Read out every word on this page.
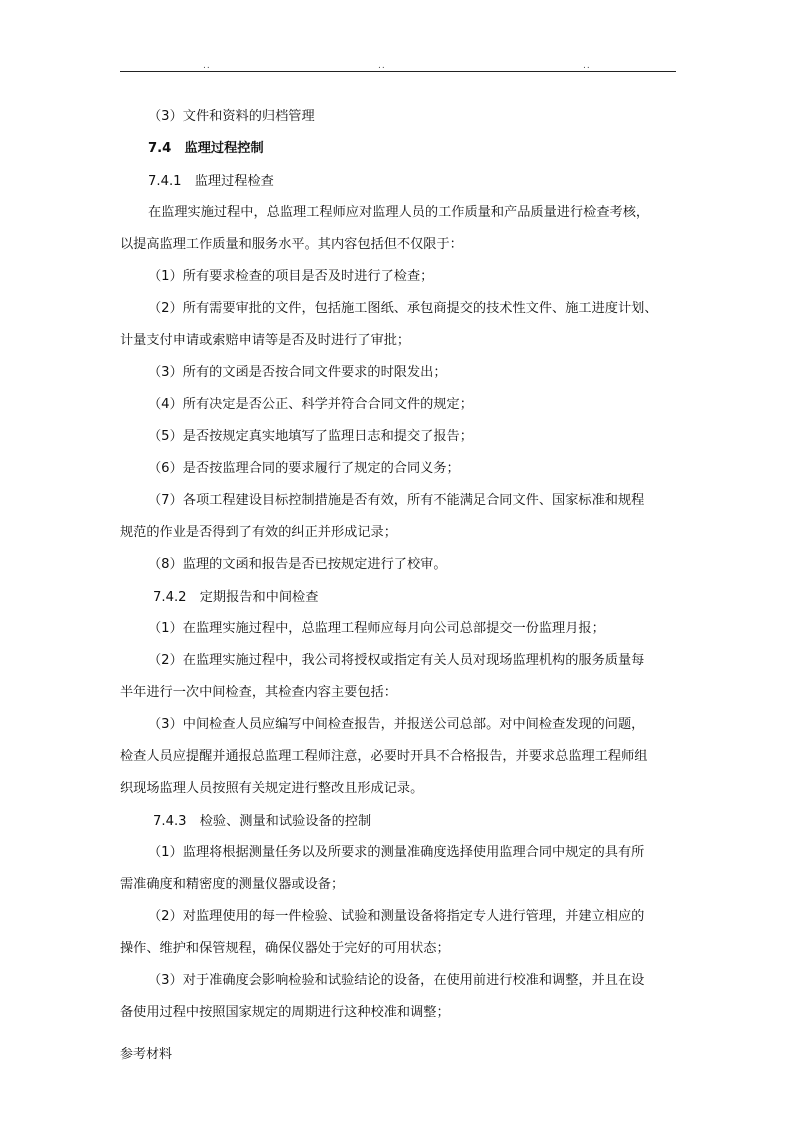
..	..	..
（3）文件和资料的归档管理
7.4　监理过程控制
7.4.1　监理过程检查
在监理实施过程中，总监理工程师应对监理人员的工作质量和产品质量进行检查考核，
以提高监理工作质量和服务水平。其内容包括但不仅限于：
（1）所有要求检查的项目是否及时进行了检查；
（2）所有需要审批的文件，包括施工图纸、承包商提交的技术性文件、施工进度计划、
计量支付申请或索赔申请等是否及时进行了审批；
（3）所有的文函是否按合同文件要求的时限发出；
（4）所有决定是否公正、科学并符合合同文件的规定；
（5）是否按规定真实地填写了监理日志和提交了报告；
（6）是否按监理合同的要求履行了规定的合同义务；
（7）各项工程建设目标控制措施是否有效，所有不能满足合同文件、国家标准和规程
规范的作业是否得到了有效的纠正并形成记录；
（8）监理的文函和报告是否已按规定进行了校审。
7.4.2　定期报告和中间检查
（1）在监理实施过程中，总监理工程师应每月向公司总部提交一份监理月报；
（2）在监理实施过程中，我公司将授权或指定有关人员对现场监理机构的服务质量每
半年进行一次中间检查，其检查内容主要包括：
（3）中间检查人员应编写中间检查报告，并报送公司总部。对中间检查发现的问题，
检查人员应提醒并通报总监理工程师注意，必要时开具不合格报告，并要求总监理工程师组
织现场监理人员按照有关规定进行整改且形成记录。
7.4.3　检验、测量和试验设备的控制
（1）监理将根据测量任务以及所要求的测量准确度选择使用监理合同中规定的具有所
需准确度和精密度的测量仪器或设备；
（2）对监理使用的每一件检验、试验和测量设备将指定专人进行管理，并建立相应的
操作、维护和保管规程，确保仪器处于完好的可用状态；
（3）对于准确度会影响检验和试验结论的设备，在使用前进行校准和调整，并且在设
备使用过程中按照国家规定的周期进行这种校准和调整；
参考材料
